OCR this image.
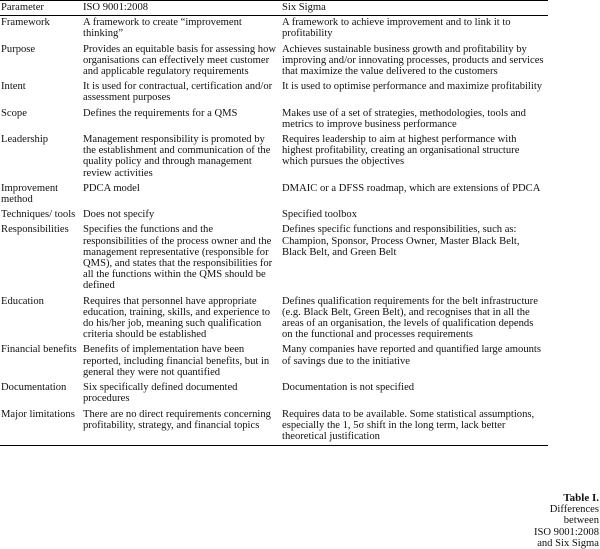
Parameter	ISO 9001:2008	Six Sigma
Framework	A framework to create “improvement thinking”	A framework to achieve improvement and to link it to profitability
Purpose	Provides an equitable basis for assessing how organisations can effectively meet customer and applicable regulatory requirements	Achieves sustainable business growth and profitability by improving and/or innovating processes, products and services that maximize the value delivered to the customers
Intent	It is used for contractual, certification and/or assessment purposes	It is used to optimise performance and maximize profitability
Scope	Defines the requirements for a QMS	Makes use of a set of strategies, methodologies, tools and metrics to improve business performance
Leadership	Management responsibility is promoted by the establishment and communication of the quality policy and through management review activities	Requires leadership to aim at highest performance with highest profitability, creating an organisational structure which pursues the objectives
Improvement method	PDCA model	DMAIC or a DFSS roadmap, which are extensions of PDCA
Techniques/ tools	Does not specify	Specified toolbox
Responsibilities	Specifies the functions and the responsibilities of the process owner and the management representative (responsible for QMS), and states that the responsibilities for all the functions within the QMS should be defined	Defines specific functions and responsibilities, such as: Champion, Sponsor, Process Owner, Master Black Belt, Black Belt, and Green Belt
Education	Requires that personnel have appropriate education, training, skills, and experience to do his/her job, meaning such qualification criteria should be established	Defines qualification requirements for the belt infrastructure (e.g. Black Belt, Green Belt), and recognises that in all the areas of an organisation, the levels of qualification depends on the functional and processes requirements
Financial benefits	Benefits of implementation have been reported, including financial benefits, but in general they were not quantified	Many companies have reported and quantified large amounts of savings due to the initiative
Documentation	Six specifically defined documented procedures	Documentation is not specified
Major limitations	There are no direct requirements concerning profitability, strategy, and financial topics	Requires data to be available. Some statistical assumptions, especially the 1, 5σ shift in the long term, lack better theoretical justification
Table I.
Differences between
ISO 9001:2008
and Six Sigma
